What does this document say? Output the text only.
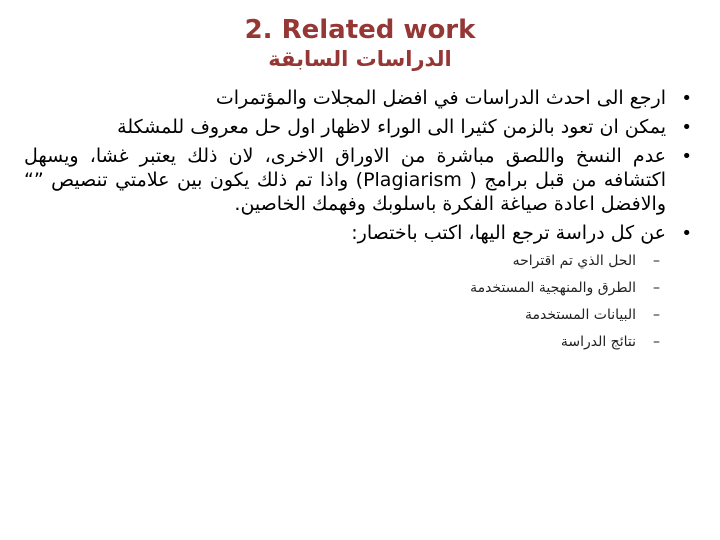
2. Related work
الدراسات السابقة
•
ارجع الى احدث الدراسات في افضل المجلات والمؤتمرات
•
يمكن ان تعود بالزمن كثيرا الى الوراء لاظهار اول حل معروف للمشكلة
•
عدم النسخ واللصق مباشرة من الاوراق الاخرى، لان ذلك يعتبر غشا، ويسهل اكتشافه من قبل برامج ( Plagiarism) واذا تم ذلك يكون بين علامتي تنصيص ”“ والافضل اعادة صياغة الفكرة باسلوبك وفهمك الخاصين.
•
عن كل دراسة ترجع اليها، اكتب باختصار:
–
الحل الذي تم اقتراحه
–
الطرق والمنهجية المستخدمة
–
البيانات المستخدمة
–
نتائج الدراسة
